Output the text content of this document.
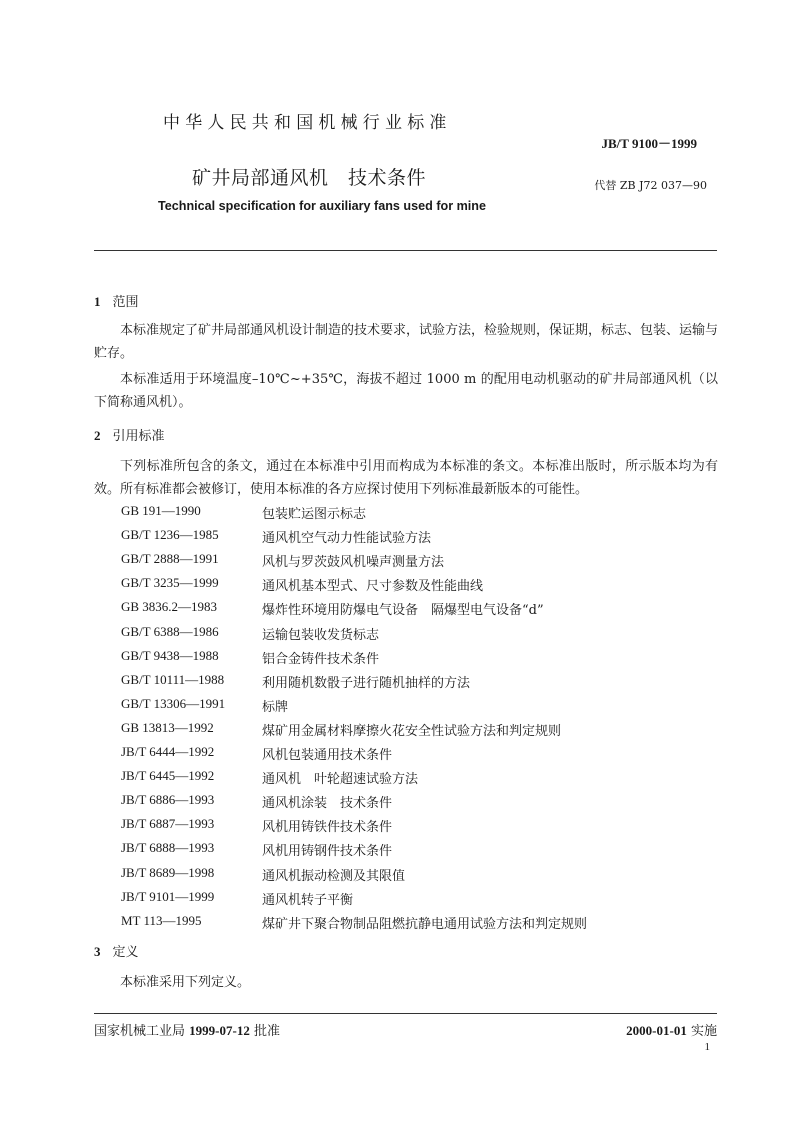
中华人民共和国机械行业标准
JB/T 9100－1999
矿井局部通风机　技术条件	代替 ZB J72 037—90
Technical specification for auxiliary fans used for mine
1 范围
本标准规定了矿井局部通风机设计制造的技术要求，试验方法，检验规则，保证期，标志、包装、运输与贮存。
本标准适用于环境温度–10℃~+35℃，海拔不超过 1000 m 的配用电动机驱动的矿井局部通风机（以下简称通风机）。
2 引用标准
下列标准所包含的条文，通过在本标准中引用而构成为本标准的条文。本标准出版时，所示版本均为有效。所有标准都会被修订，使用本标准的各方应探讨使用下列标准最新版本的可能性。
GB 191—1990	包装贮运图示标志
GB/T 1236—1985	通风机空气动力性能试验方法
GB/T 2888—1991	风机与罗茨鼓风机噪声测量方法
GB/T 3235—1999	通风机基本型式、尺寸参数及性能曲线
GB 3836.2—1983	爆炸性环境用防爆电气设备　隔爆型电气设备“d”
GB/T 6388—1986	运输包装收发货标志
GB/T 9438—1988	铝合金铸件技术条件
GB/T 10111—1988	利用随机数骰子进行随机抽样的方法
GB/T 13306—1991	标牌
GB 13813—1992	煤矿用金属材料摩擦火花安全性试验方法和判定规则
JB/T 6444—1992	风机包装通用技术条件
JB/T 6445—1992	通风机　叶轮超速试验方法
JB/T 6886—1993	通风机涂装　技术条件
JB/T 6887—1993	风机用铸铁件技术条件
JB/T 6888—1993	风机用铸钢件技术条件
JB/T 8689—1998	通风机振动检测及其限值
JB/T 9101—1999	通风机转子平衡
MT 113—1995	煤矿井下聚合物制品阻燃抗静电通用试验方法和判定规则
3 定义
本标准采用下列定义。
国家机械工业局 1999-07-12 批准	2000-01-01 实施
1
